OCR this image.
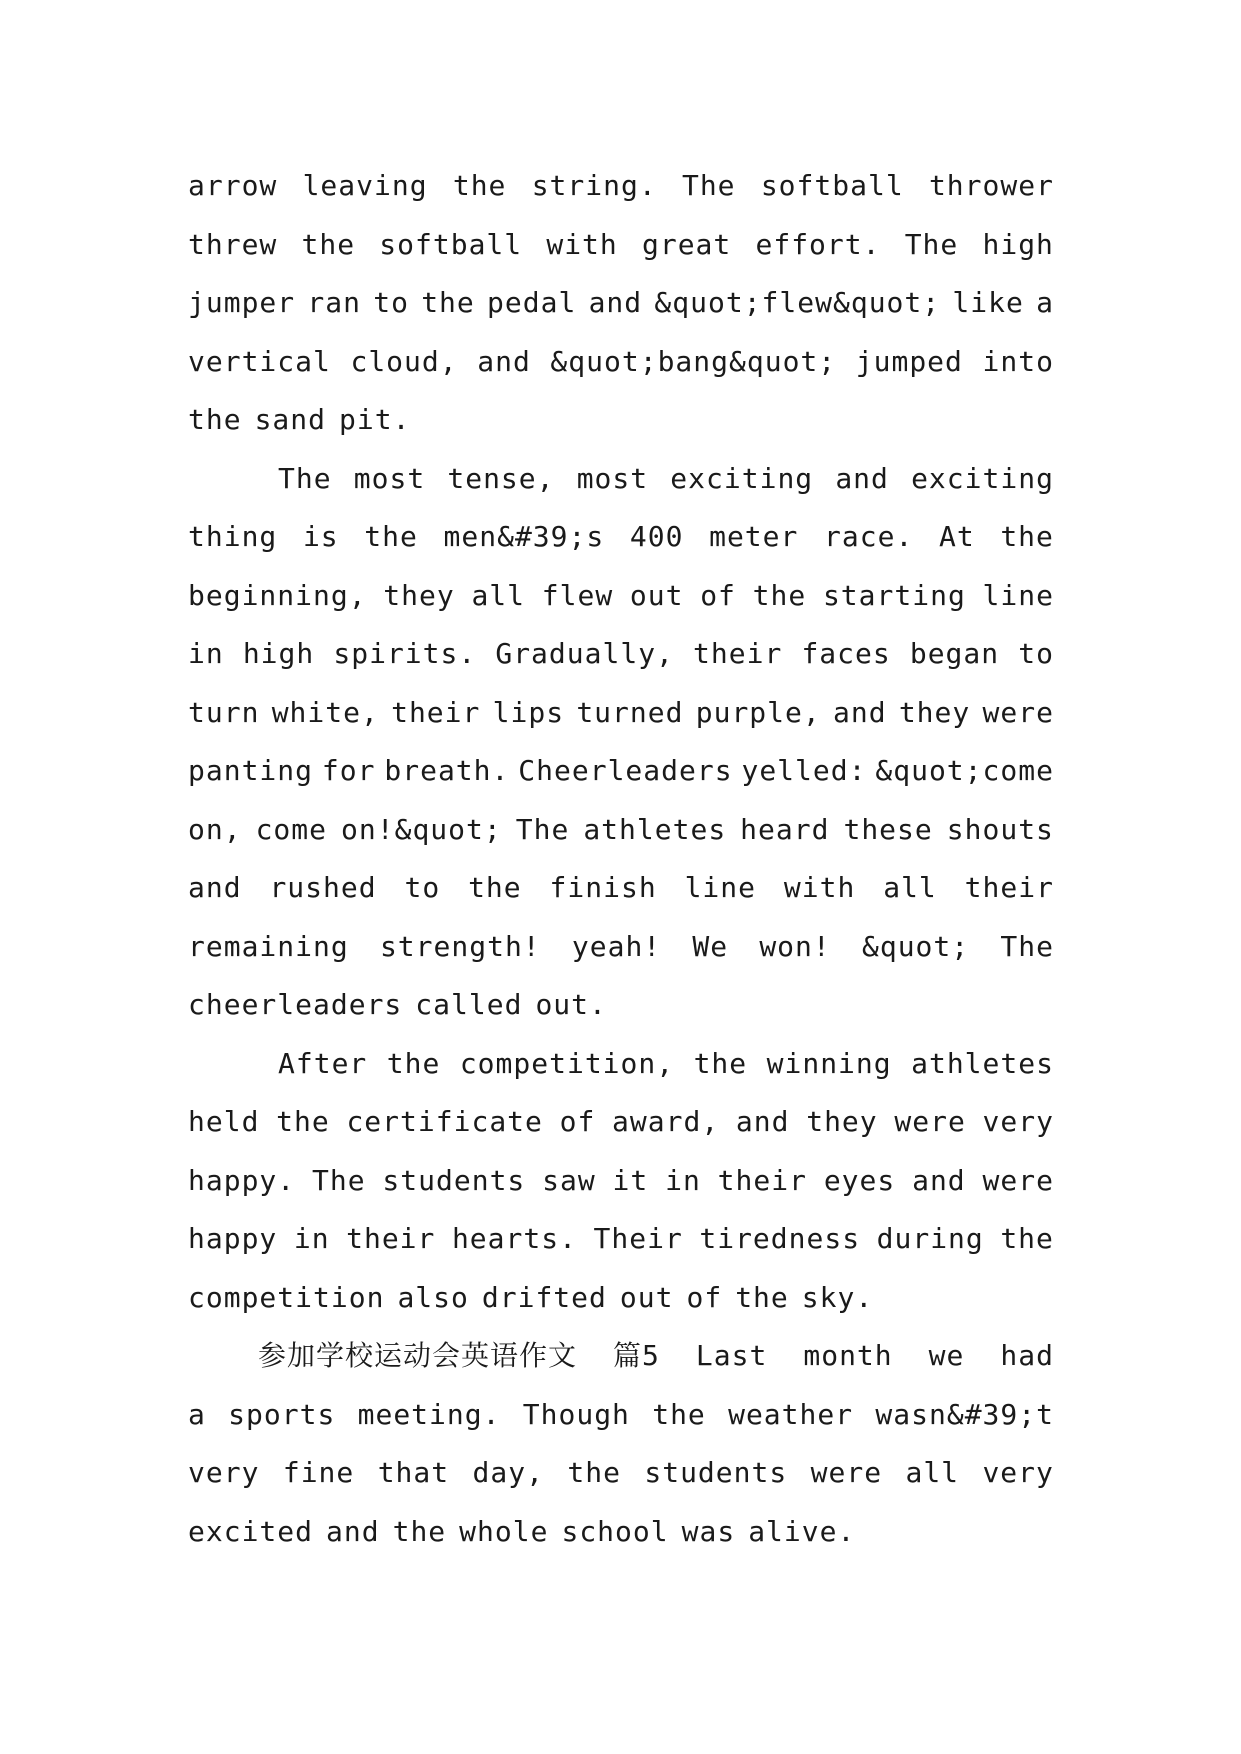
arrow leaving the string. The softball thrower
threw the softball with great effort. The high
jumper ran to the pedal and &quot;flew&quot; like a
vertical cloud, and &quot;bang&quot; jumped into
the sand pit.
The most tense, most exciting and exciting
thing is the men&#39;s 400 meter race. At the
beginning, they all flew out of the starting line
in high spirits. Gradually, their faces began to
turn white, their lips turned purple, and they were
panting for breath. Cheerleaders yelled: &quot;come
on, come on!&quot; The athletes heard these shouts
and rushed to the finish line with all their
remaining strength! yeah! We won! &quot; The
cheerleaders called out.
After the competition, the winning athletes
held the certificate of award, and they were very
happy. The students saw it in their eyes and were
happy in their hearts. Their tiredness during the
competition also drifted out of the sky.
参加学校运动会英语作文 篇5 Last month we had
a sports meeting. Though the weather wasn&#39;t
very fine that day, the students were all very
excited and the whole school was alive.
